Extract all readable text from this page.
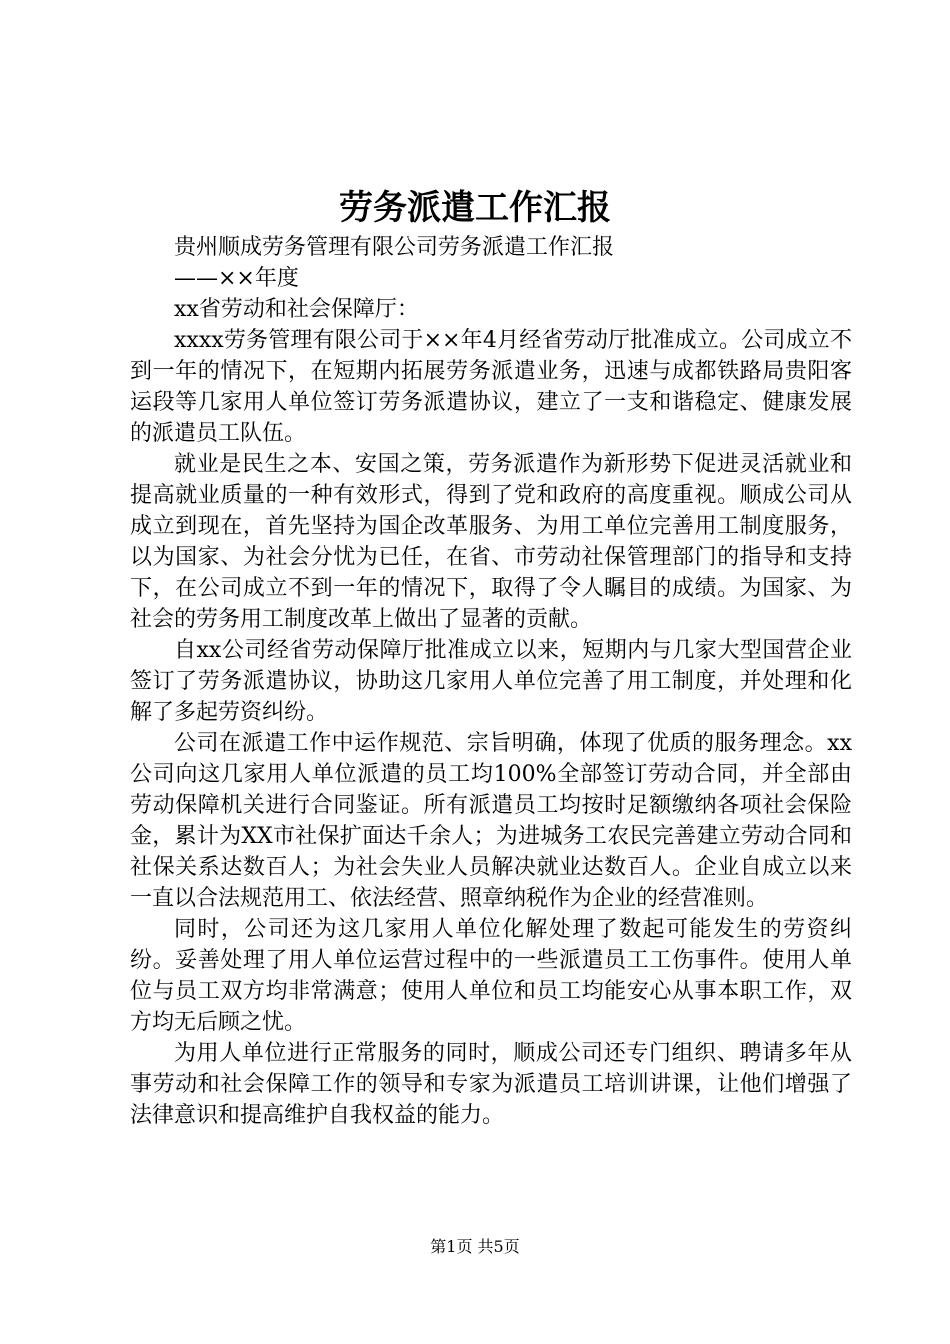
劳务派遣工作汇报

贵州顺成劳务管理有限公司劳务派遣工作汇报

——××年度

xx省劳动和社会保障厅：

xxxx劳务管理有限公司于××年4月经省劳动厅批准成立。公司成立不到一年的情况下，在短期内拓展劳务派遣业务，迅速与成都铁路局贵阳客运段等几家用人单位签订劳务派遣协议，建立了一支和谐稳定、健康发展的派遣员工队伍。

就业是民生之本、安国之策，劳务派遣作为新形势下促进灵活就业和提高就业质量的一种有效形式，得到了党和政府的高度重视。顺成公司从成立到现在，首先坚持为国企改革服务、为用工单位完善用工制度服务，以为国家、为社会分忧为已任，在省、市劳动社保管理部门的指导和支持下，在公司成立不到一年的情况下，取得了令人瞩目的成绩。为国家、为社会的劳务用工制度改革上做出了显著的贡献。

自xx公司经省劳动保障厅批准成立以来，短期内与几家大型国营企业签订了劳务派遣协议，协助这几家用人单位完善了用工制度，并处理和化解了多起劳资纠纷。

公司在派遣工作中运作规范、宗旨明确，体现了优质的服务理念。xx公司向这几家用人单位派遣的员工均100%全部签订劳动合同，并全部由劳动保障机关进行合同鉴证。所有派遣员工均按时足额缴纳各项社会保险金，累计为XX市社保扩面达千余人；为进城务工农民完善建立劳动合同和社保关系达数百人；为社会失业人员解决就业达数百人。企业自成立以来一直以合法规范用工、依法经营、照章纳税作为企业的经营准则。

同时，公司还为这几家用人单位化解处理了数起可能发生的劳资纠纷。妥善处理了用人单位运营过程中的一些派遣员工工伤事件。使用人单位与员工双方均非常满意；使用人单位和员工均能安心从事本职工作，双方均无后顾之忧。

为用人单位进行正常服务的同时，顺成公司还专门组织、聘请多年从事劳动和社会保障工作的领导和专家为派遣员工培训讲课，让他们增强了法律意识和提高维护自我权益的能力。

第1页 共5页
